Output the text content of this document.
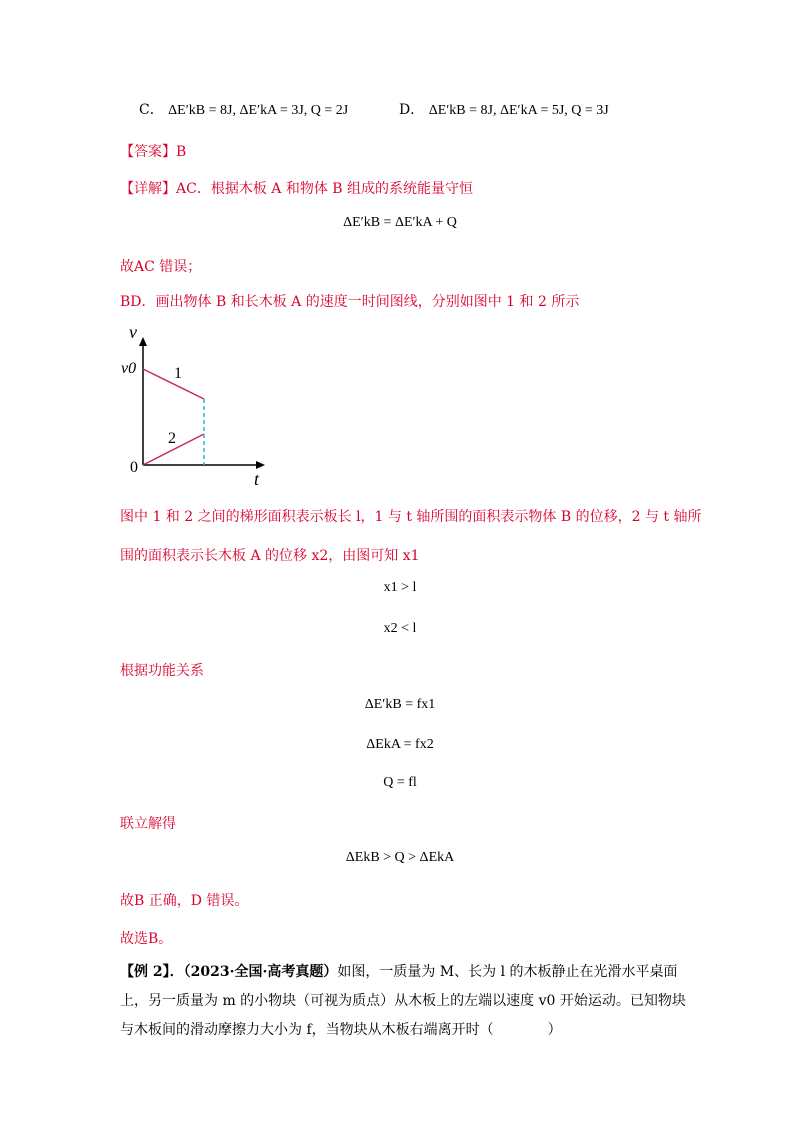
C． ΔE′kB = 8J, ΔE′kA = 3J, Q = 2J	D． ΔE′kB = 8J, ΔE′kA = 5J, Q = 3J
【答案】B
【详解】AC．根据木板 A 和物体 B 组成的系统能量守恒
ΔE′kB = ΔE′kA + Q
故AC 错误；
BD．画出物体 B 和长木板 A 的速度一时间图线，分别如图中 1 和 2 所示
v
t
v0
0
1
2
图中 1 和 2 之间的梯形面积表示板长 l，1 与 t 轴所围的面积表示物体 B 的位移，2 与 t 轴所
围的面积表示长木板 A 的位移 x2，由图可知 x1
x1 > l
x2 < l
根据功能关系
ΔE′kB = fx1
ΔEkA = fx2
Q = fl
联立解得
ΔEkB > Q > ΔEkA
故B 正确，D 错误。
故选B。
【例 2】．（2023·全国·高考真题）如图，一质量为 M、长为 l 的木板静止在光滑水平桌面
上，另一质量为 m 的小物块（可视为质点）从木板上的左端以速度 v0 开始运动。已知物块
与木板间的滑动摩擦力大小为 f，当物块从木板右端离开时（	）
